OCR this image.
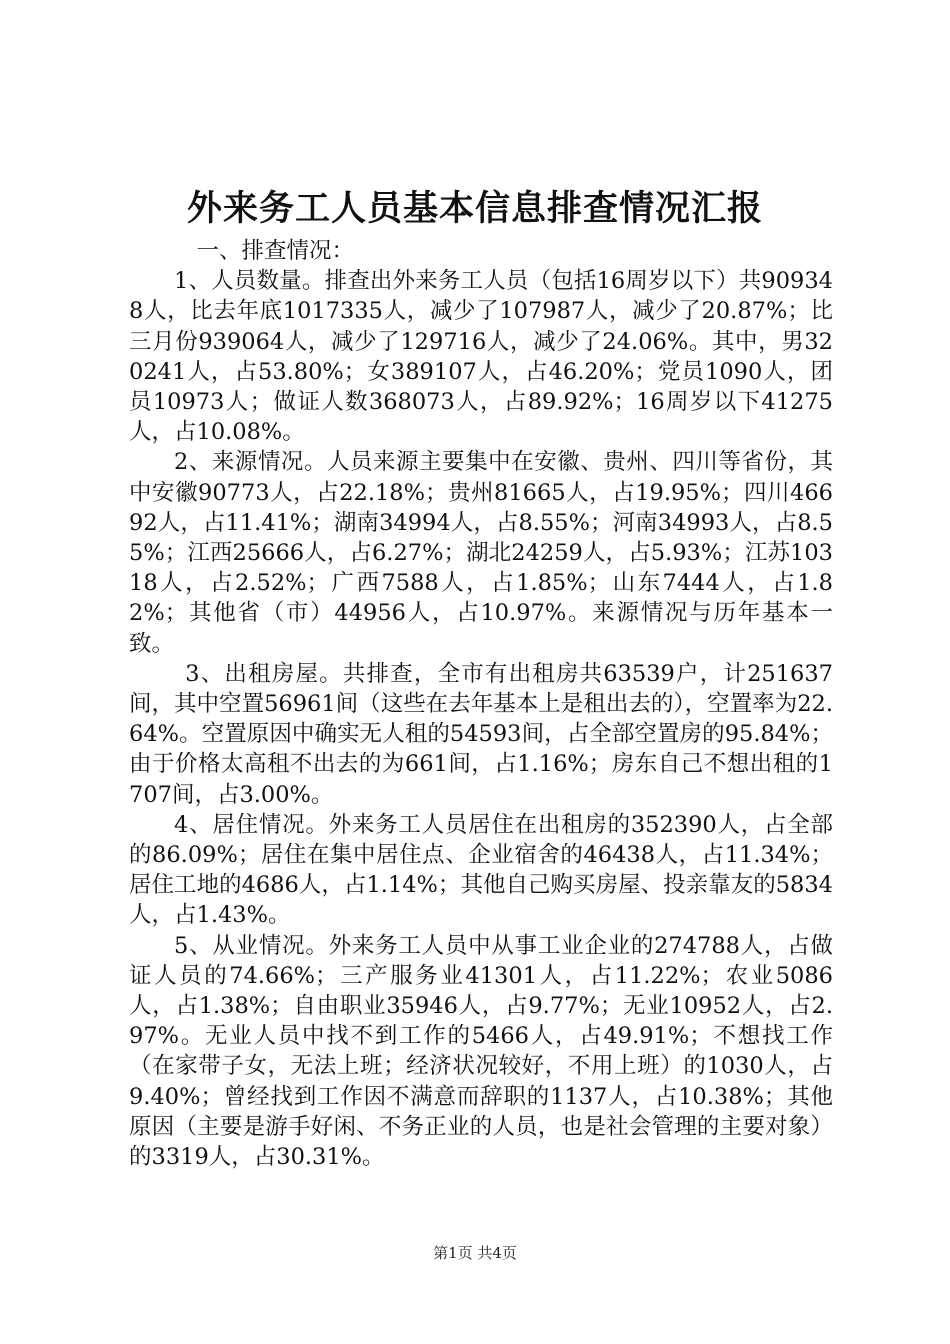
外来务工人员基本信息排查情况汇报

一、排查情况：

1、人员数量。排查出外来务工人员（包括16周岁以下）共909348人，比去年底1017335人，减少了107987人，减少了20.87%；比三月份939064人，减少了129716人，减少了24.06%。其中，男320241人，占53.80%；女389107人，占46.20%；党员1090人，团员10973人；做证人数368073人，占89.92%；16周岁以下41275人，占10.08%。

2、来源情况。人员来源主要集中在安徽、贵州、四川等省份，其中安徽90773人，占22.18%；贵州81665人，占19.95%；四川46692人，占11.41%；湖南34994人，占8.55%；河南34993人，占8.55%；江西25666人，占6.27%；湖北24259人，占5.93%；江苏10318人，占2.52%；广西7588人，占1.85%；山东7444人，占1.82%；其他省（市）44956人，占10.97%。来源情况与历年基本一致。

3、出租房屋。共排查，全市有出租房共63539户，计251637间，其中空置56961间（这些在去年基本上是租出去的），空置率为22.64%。空置原因中确实无人租的54593间，占全部空置房的95.84%；由于价格太高租不出去的为661间，占1.16%；房东自己不想出租的1707间，占3.00%。

4、居住情况。外来务工人员居住在出租房的352390人，占全部的86.09%；居住在集中居住点、企业宿舍的46438人，占11.34%；居住工地的4686人，占1.14%；其他自己购买房屋、投亲靠友的5834人，占1.43%。

5、从业情况。外来务工人员中从事工业企业的274788人，占做证人员的74.66%；三产服务业41301人，占11.22%；农业5086人，占1.38%；自由职业35946人，占9.77%；无业10952人，占2.97%。无业人员中找不到工作的5466人，占49.91%；不想找工作（在家带子女，无法上班；经济状况较好，不用上班）的1030人，占9.40%；曾经找到工作因不满意而辞职的1137人，占10.38%；其他原因（主要是游手好闲、不务正业的人员，也是社会管理的主要对象）的3319人，占30.31%。

第1页 共4页
